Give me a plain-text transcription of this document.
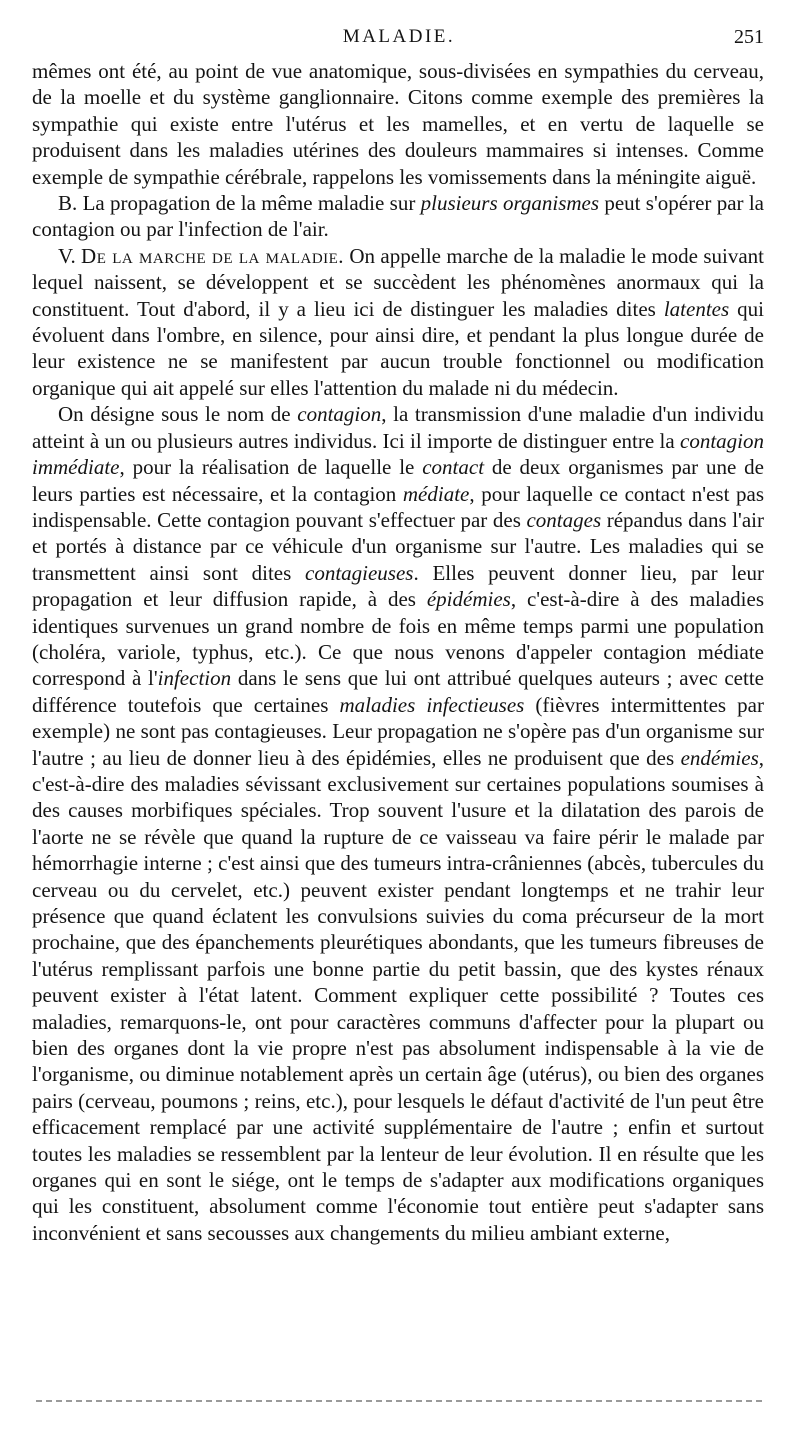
MALADIE.	251

mêmes ont été, au point de vue anatomique, sous-divisées en sympathies du cerveau, de la moelle et du système ganglionnaire. Citons comme exemple des premières la sympathie qui existe entre l'utérus et les mamelles, et en vertu de laquelle se produisent dans les maladies utérines des douleurs mammaires si intenses. Comme exemple de sympathie cérébrale, rappelons les vomissements dans la méningite aiguë.

B. La propagation de la même maladie sur plusieurs organismes peut s'opérer par la contagion ou par l'infection de l'air.

V. De la marche de la maladie. On appelle marche de la maladie le mode suivant lequel naissent, se développent et se succèdent les phénomènes anormaux qui la constituent. Tout d'abord, il y a lieu ici de distinguer les maladies dites latentes qui évoluent dans l'ombre, en silence, pour ainsi dire, et pendant la plus longue durée de leur existence ne se manifestent par aucun trouble fonctionnel ou modification organique qui ait appelé sur elles l'attention du malade ni du médecin.

On désigne sous le nom de contagion, la transmission d'une maladie d'un individu atteint à un ou plusieurs autres individus. Ici il importe de distinguer entre la contagion immédiate, pour la réalisation de laquelle le contact de deux organismes par une de leurs parties est nécessaire, et la contagion médiate, pour laquelle ce contact n'est pas indispensable. Cette contagion pouvant s'effectuer par des contages répandus dans l'air et portés à distance par ce véhicule d'un organisme sur l'autre. Les maladies qui se transmettent ainsi sont dites contagieuses. Elles peuvent donner lieu, par leur propagation et leur diffusion rapide, à des épidémies, c'est-à-dire à des maladies identiques survenues un grand nombre de fois en même temps parmi une population (choléra, variole, typhus, etc.). Ce que nous venons d'appeler contagion médiate correspond à l'infection dans le sens que lui ont attribué quelques auteurs ; avec cette différence toutefois que certaines maladies infectieuses (fièvres intermittentes par exemple) ne sont pas contagieuses. Leur propagation ne s'opère pas d'un organisme sur l'autre ; au lieu de donner lieu à des épidémies, elles ne produisent que des endémies, c'est-à-dire des maladies sévissant exclusivement sur certaines populations soumises à des causes morbifiques spéciales. Trop souvent l'usure et la dilatation des parois de l'aorte ne se révèle que quand la rupture de ce vaisseau va faire périr le malade par hémorrhagie interne ; c'est ainsi que des tumeurs intra-crâniennes (abcès, tubercules du cerveau ou du cervelet, etc.) peuvent exister pendant longtemps et ne trahir leur présence que quand éclatent les convulsions suivies du coma précurseur de la mort prochaine, que des épanchements pleurétiques abondants, que les tumeurs fibreuses de l'utérus remplissant parfois une bonne partie du petit bassin, que des kystes rénaux peuvent exister à l'état latent. Comment expliquer cette possibilité ? Toutes ces maladies, remarquons-le, ont pour caractères communs d'affecter pour la plupart ou bien des organes dont la vie propre n'est pas absolument indispensable à la vie de l'organisme, ou diminue notablement après un certain âge (utérus), ou bien des organes pairs (cerveau, poumons ; reins, etc.), pour lesquels le défaut d'activité de l'un peut être efficacement remplacé par une activité supplémentaire de l'autre ; enfin et surtout toutes les maladies se ressemblent par la lenteur de leur évolution. Il en résulte que les organes qui en sont le siége, ont le temps de s'adapter aux modifications organiques qui les constituent, absolument comme l'économie tout entière peut s'adapter sans inconvénient et sans secousses aux changements du milieu ambiant externe,
